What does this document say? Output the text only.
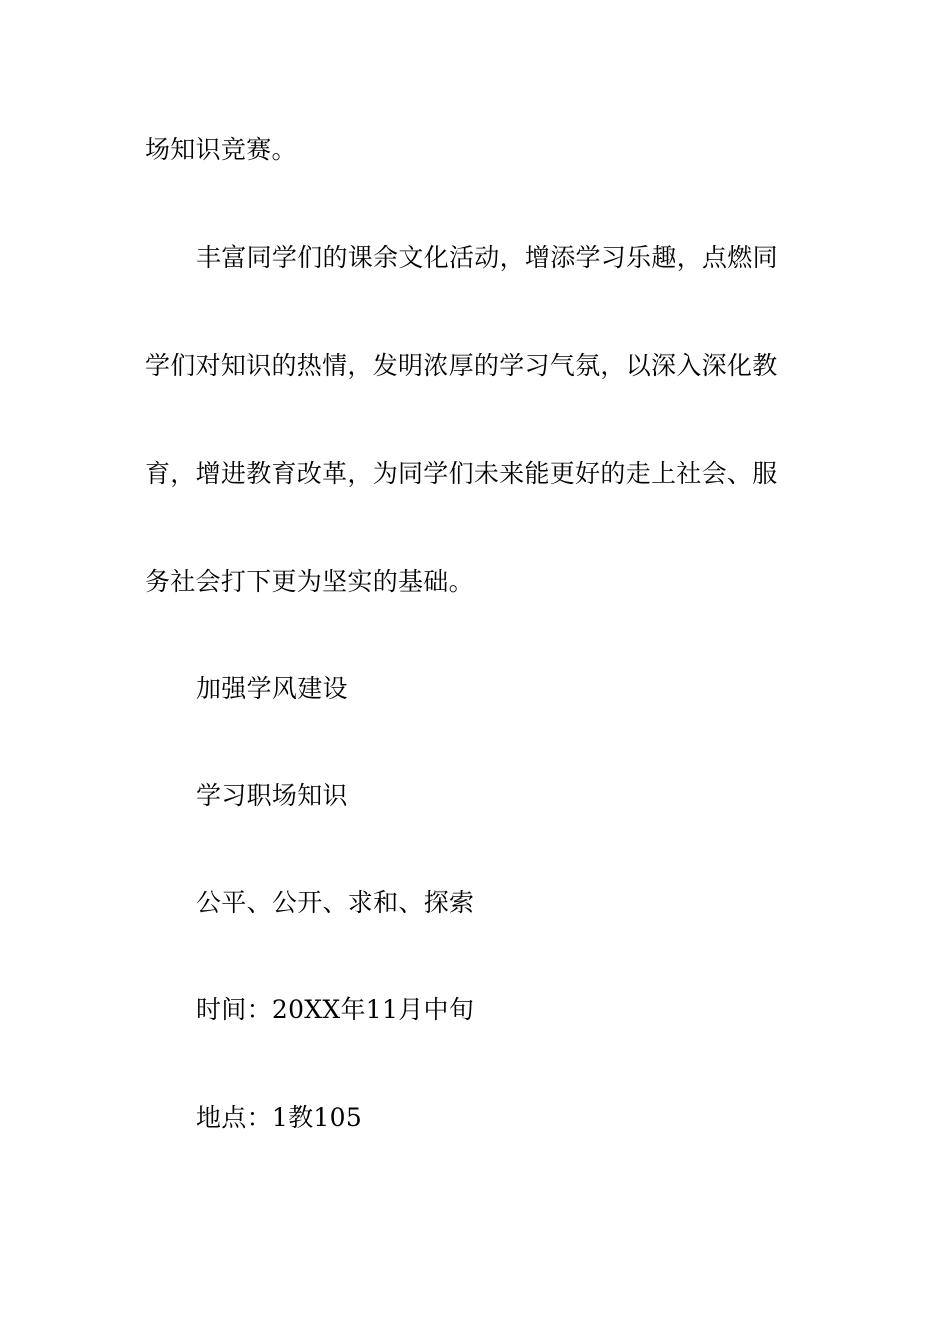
场知识竞赛。
丰富同学们的课余文化活动，增添学习乐趣，点燃同
学们对知识的热情，发明浓厚的学习气氛，以深入深化教
育，增进教育改革，为同学们未来能更好的走上社会、服
务社会打下更为坚实的基础。
加强学风建设
学习职场知识
公平、公开、求和、探索
时间：20XX年11月中旬
地点：1教105
